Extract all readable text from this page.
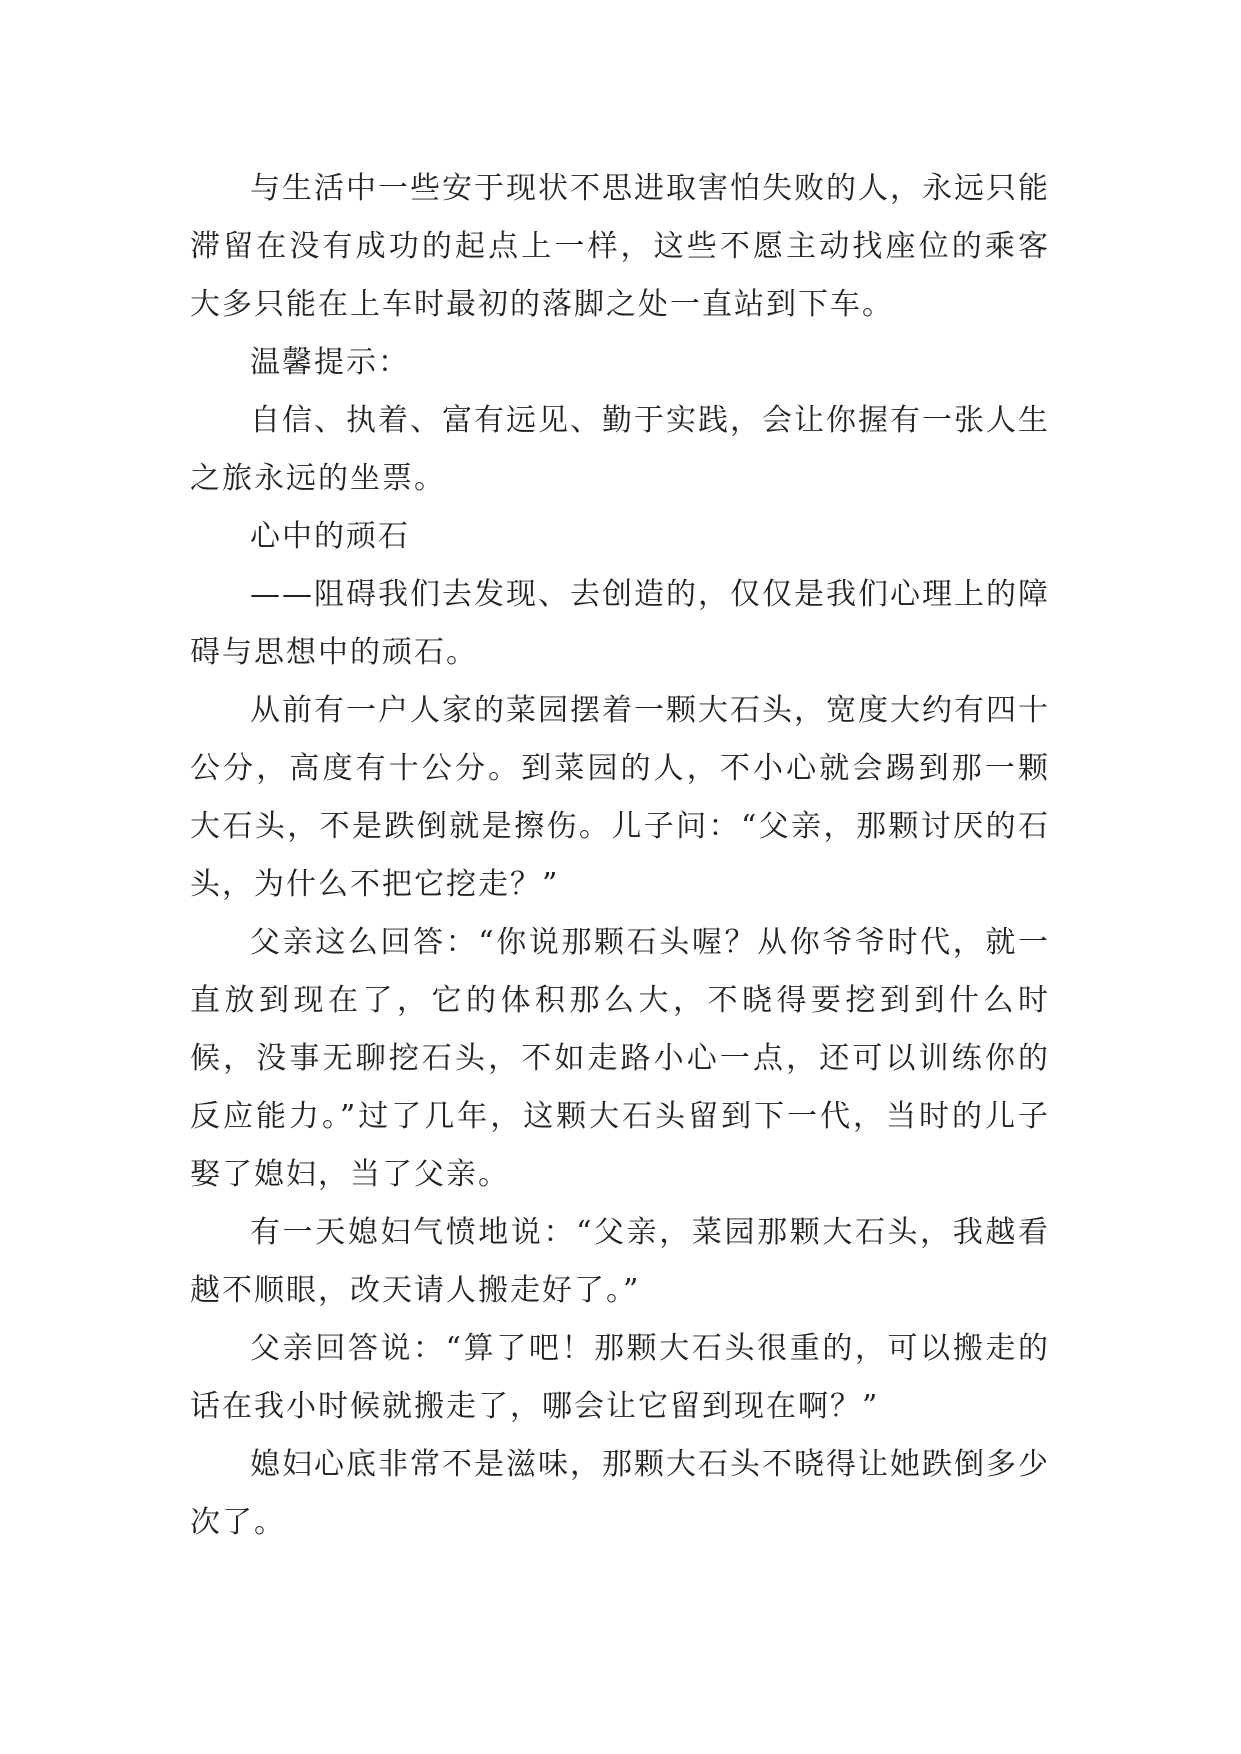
与生活中一些安于现状不思进取害怕失败的人，永远只能滞留在没有成功的起点上一样，这些不愿主动找座位的乘客大多只能在上车时最初的落脚之处一直站到下车。

温馨提示：

自信、执着、富有远见、勤于实践，会让你握有一张人生之旅永远的坐票。

心中的顽石

——阻碍我们去发现、去创造的，仅仅是我们心理上的障碍与思想中的顽石。

从前有一户人家的菜园摆着一颗大石头，宽度大约有四十公分，高度有十公分。到菜园的人，不小心就会踢到那一颗大石头，不是跌倒就是擦伤。儿子问：“父亲，那颗讨厌的石头，为什么不把它挖走？”

父亲这么回答：“你说那颗石头喔？从你爷爷时代，就一直放到现在了，它的体积那么大，不晓得要挖到到什么时候，没事无聊挖石头，不如走路小心一点，还可以训练你的反应能力。”过了几年，这颗大石头留到下一代，当时的儿子娶了媳妇，当了父亲。

有一天媳妇气愤地说：“父亲，菜园那颗大石头，我越看越不顺眼，改天请人搬走好了。”

父亲回答说：“算了吧！那颗大石头很重的，可以搬走的话在我小时候就搬走了，哪会让它留到现在啊？”

媳妇心底非常不是滋味，那颗大石头不晓得让她跌倒多少次了。
